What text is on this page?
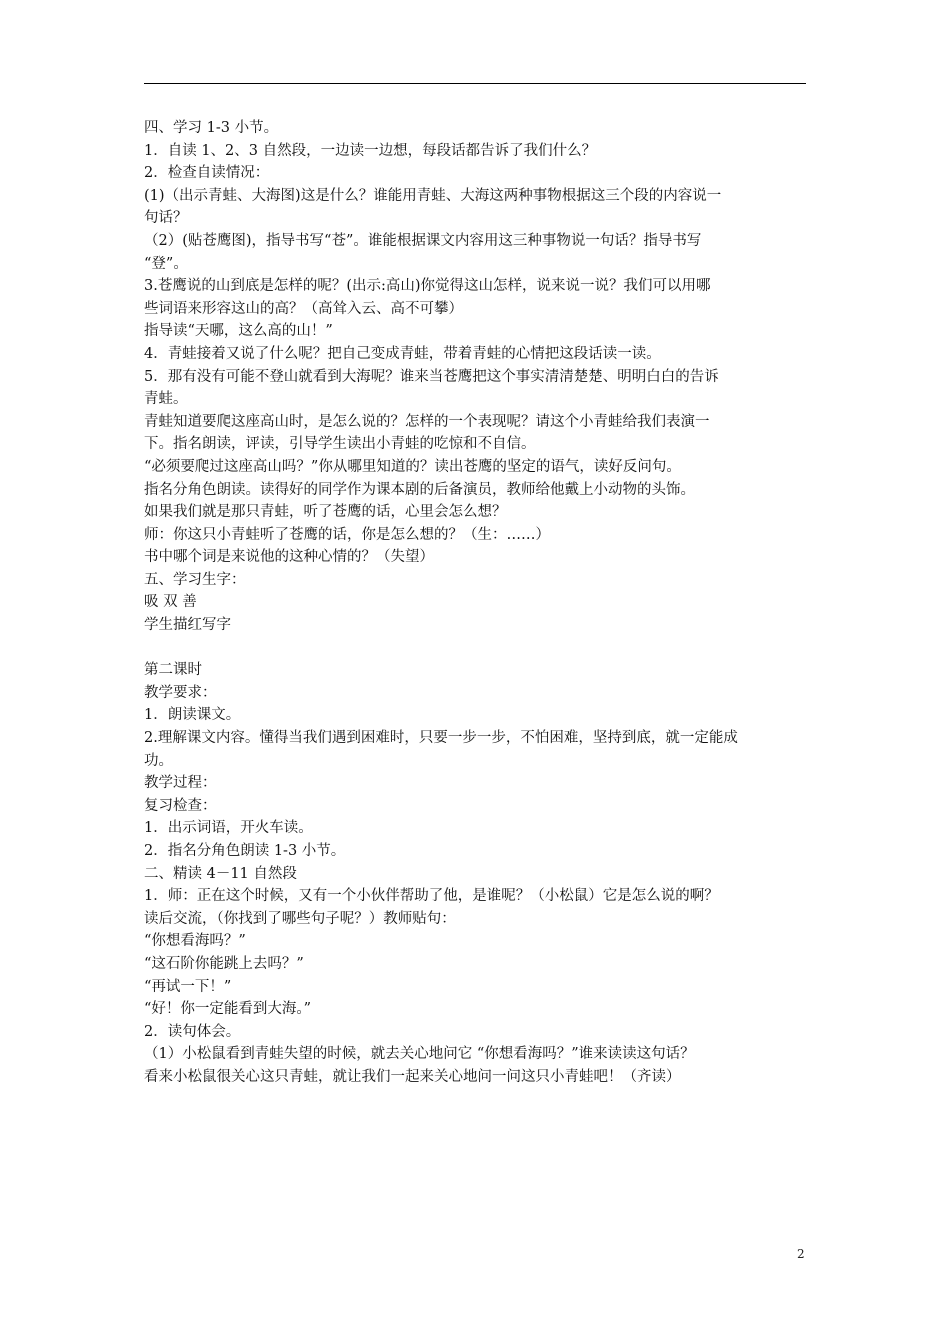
四、学习 1-3 小节。
1．自读 1、2、3 自然段，一边读一边想，每段话都告诉了我们什么？
2．检查自读情况：
(1)（出示青蛙、大海图)这是什么？谁能用青蛙、大海这两种事物根据这三个段的内容说一
句话？
（2）(贴苍鹰图)，指导书写“苍”。谁能根据课文内容用这三种事物说一句话？指导书写
“登”。
3.苍鹰说的山到底是怎样的呢？(出示:高山)你觉得这山怎样，说来说一说？我们可以用哪
些词语来形容这山的高？（高耸入云、高不可攀）
指导读“天哪，这么高的山！”
4．青蛙接着又说了什么呢？把自己变成青蛙，带着青蛙的心情把这段话读一读。
5．那有没有可能不登山就看到大海呢？谁来当苍鹰把这个事实清清楚楚、明明白白的告诉
青蛙。
青蛙知道要爬这座高山时，是怎么说的？怎样的一个表现呢？请这个小青蛙给我们表演一
下。指名朗读，评读，引导学生读出小青蛙的吃惊和不自信。
“必须要爬过这座高山吗？”你从哪里知道的？读出苍鹰的坚定的语气，读好反问句。
指名分角色朗读。读得好的同学作为课本剧的后备演员，教师给他戴上小动物的头饰。
如果我们就是那只青蛙，听了苍鹰的话，心里会怎么想？
师：你这只小青蛙听了苍鹰的话，你是怎么想的？（生：……）
书中哪个词是来说他的这种心情的？（失望）
五、学习生字：
吸 双 善
学生描红写字
第二课时
教学要求：
1．朗读课文。
2.理解课文内容。懂得当我们遇到困难时，只要一步一步，不怕困难，坚持到底，就一定能成
功。
教学过程：
复习检查：
1．出示词语，开火车读。
2．指名分角色朗读 1-3 小节。
二、精读 4－11 自然段
1．师：正在这个时候，又有一个小伙伴帮助了他，是谁呢？（小松鼠）它是怎么说的啊？
读后交流，（你找到了哪些句子呢？）教师贴句：
“你想看海吗？”
“这石阶你能跳上去吗？”
“再试一下！”
“好！你一定能看到大海。”
2．读句体会。
（1）小松鼠看到青蛙失望的时候，就去关心地问它 “你想看海吗？”谁来读读这句话？
看来小松鼠很关心这只青蛙，就让我们一起来关心地问一问这只小青蛙吧！（齐读）
2
